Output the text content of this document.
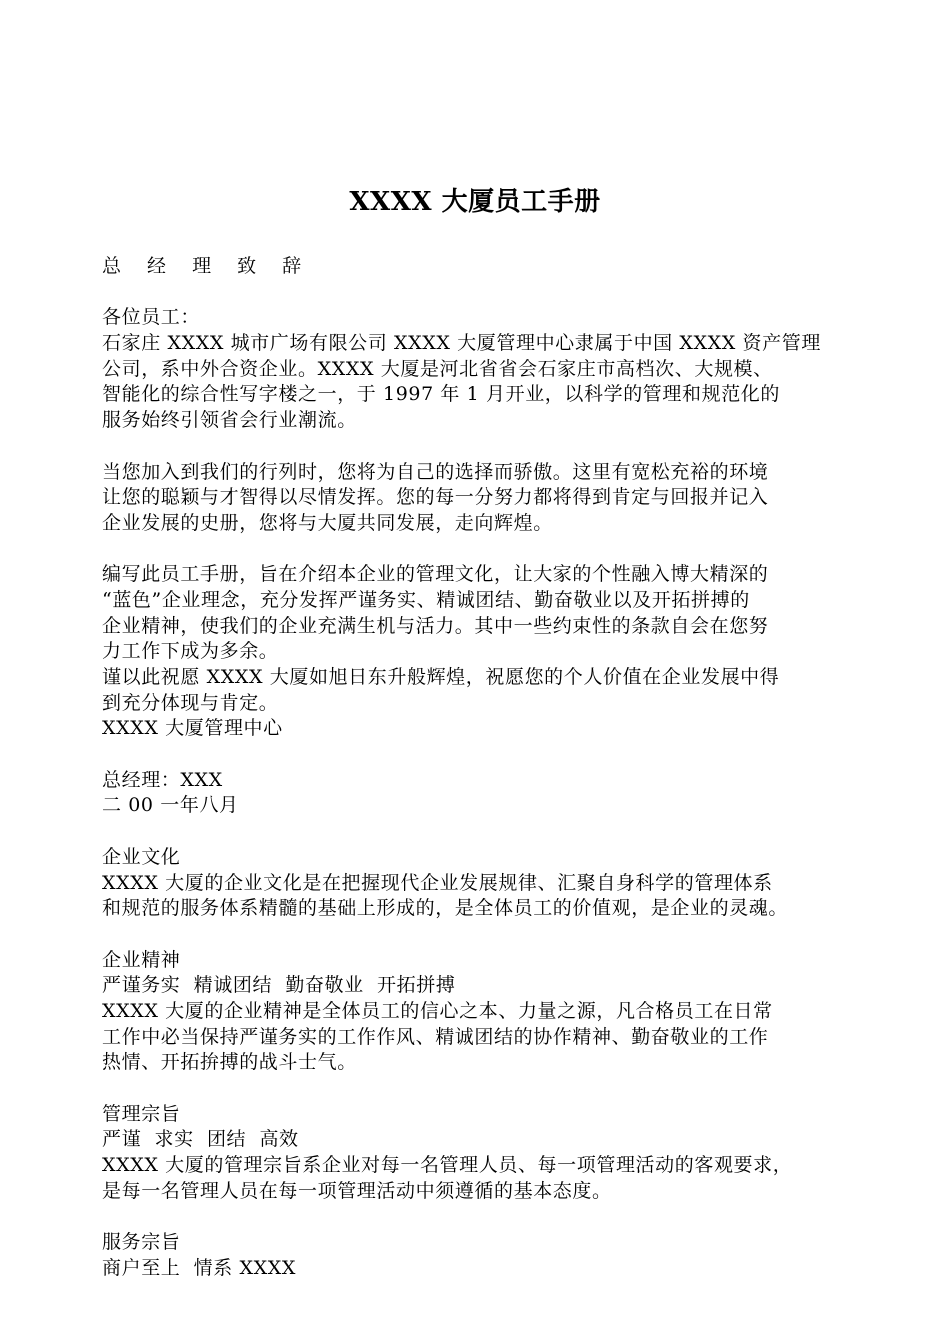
XXXX 大厦员工手册
总 经 理 致 辞
各位员工：
石家庄 XXXX 城市广场有限公司 XXXX 大厦管理中心隶属于中国 XXXX 资产管理
公司，系中外合资企业。XXXX 大厦是河北省省会石家庄市高档次、大规模、
智能化的综合性写字楼之一，于 1997 年 1 月开业，以科学的管理和规范化的
服务始终引领省会行业潮流。
当您加入到我们的行列时，您将为自己的选择而骄傲。这里有宽松充裕的环境
让您的聪颖与才智得以尽情发挥。您的每一分努力都将得到肯定与回报并记入
企业发展的史册，您将与大厦共同发展，走向辉煌。
编写此员工手册，旨在介绍本企业的管理文化，让大家的个性融入博大精深的
“蓝色”企业理念，充分发挥严谨务实、精诚团结、勤奋敬业以及开拓拼搏的
企业精神，使我们的企业充满生机与活力。其中一些约束性的条款自会在您努
力工作下成为多余。
谨以此祝愿 XXXX 大厦如旭日东升般辉煌，祝愿您的个人价值在企业发展中得
到充分体现与肯定。
XXXX 大厦管理中心
总经理：XXX
二 00 一年八月
企业文化
XXXX 大厦的企业文化是在把握现代企业发展规律、汇聚自身科学的管理体系
和规范的服务体系精髓的基础上形成的，是全体员工的价值观，是企业的灵魂。
企业精神
严谨务实  精诚团结  勤奋敬业  开拓拼搏
XXXX 大厦的企业精神是全体员工的信心之本、力量之源，凡合格员工在日常
工作中必当保持严谨务实的工作作风、精诚团结的协作精神、勤奋敬业的工作
热情、开拓拚搏的战斗士气。
管理宗旨
严谨  求实  团结  高效
XXXX 大厦的管理宗旨系企业对每一名管理人员、每一项管理活动的客观要求，
是每一名管理人员在每一项管理活动中须遵循的基本态度。
服务宗旨
商户至上  情系 XXXX
